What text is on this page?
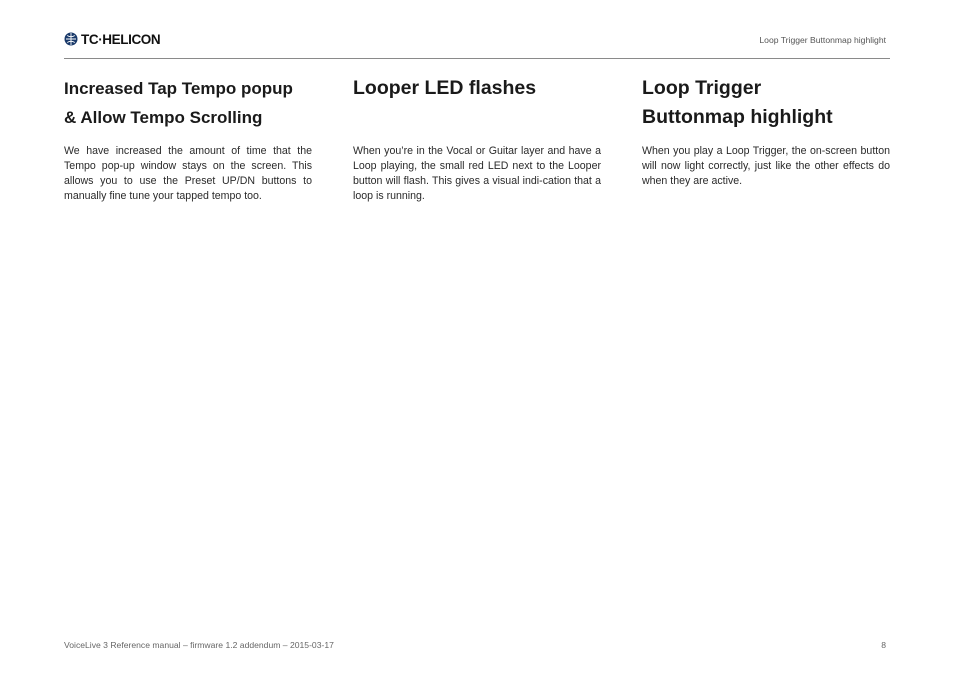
TC·HELICON	Loop Trigger Buttonmap highlight
Increased Tap Tempo popup
& Allow Tempo Scrolling

We have increased the amount of time that the Tempo pop-up window stays on the screen. This allows you to use the Preset UP/DN buttons to manually fine tune your tapped tempo too.

Looper LED flashes

When you’re in the Vocal or Guitar layer and have a Loop playing, the small red LED next to the Looper button will flash. This gives a visual indi-cation that a loop is running.

Loop Trigger
Buttonmap highlight

When you play a Loop Trigger, the on-screen button will now light correctly, just like the other effects do when they are active.

VoiceLive 3 Reference manual – firmware 1.2 addendum – 2015-03-17	8
